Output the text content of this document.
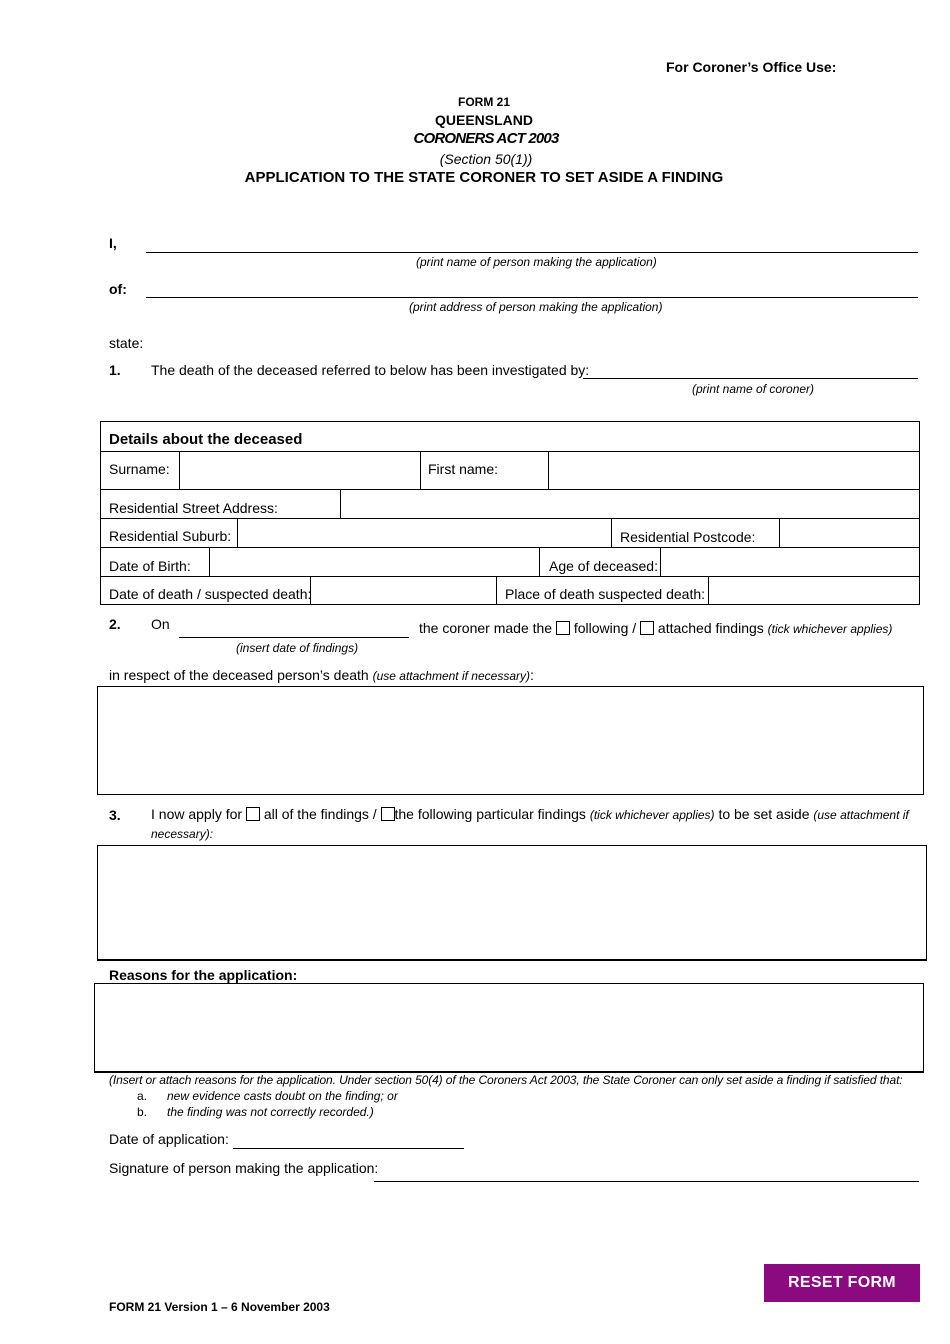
For Coroner’s Office Use:
FORM 21
QUEENSLAND
CORONERS ACT 2003
(Section 50(1))
APPLICATION TO THE STATE CORONER TO SET ASIDE A FINDING
I,
(print name of person making the application)
of:
(print address of person making the application)
state:
1. The death of the deceased referred to below has been investigated by:
(print name of coroner)
Details about the deceased
Surname:	First name:
Residential Street Address:
Residential Suburb:	Residential Postcode:
Date of Birth:	Age of deceased:
Date of death / suspected death:	Place of death suspected death:
2. On
(insert date of findings)
the coroner made the following / attached findings (tick whichever applies)
in respect of the deceased person’s death (use attachment if necessary):
3. I now apply for all of the findings / the following particular findings (tick whichever applies) to be set aside (use attachment if
necessary):
Reasons for the application:
(Insert or attach reasons for the application. Under section 50(4) of the Coroners Act 2003, the State Coroner can only set aside a finding if satisfied that:
a. new evidence casts doubt on the finding; or
b. the finding was not correctly recorded.)
Date of application:
Signature of person making the application:
RESET FORM
FORM 21 Version 1 – 6 November 2003
